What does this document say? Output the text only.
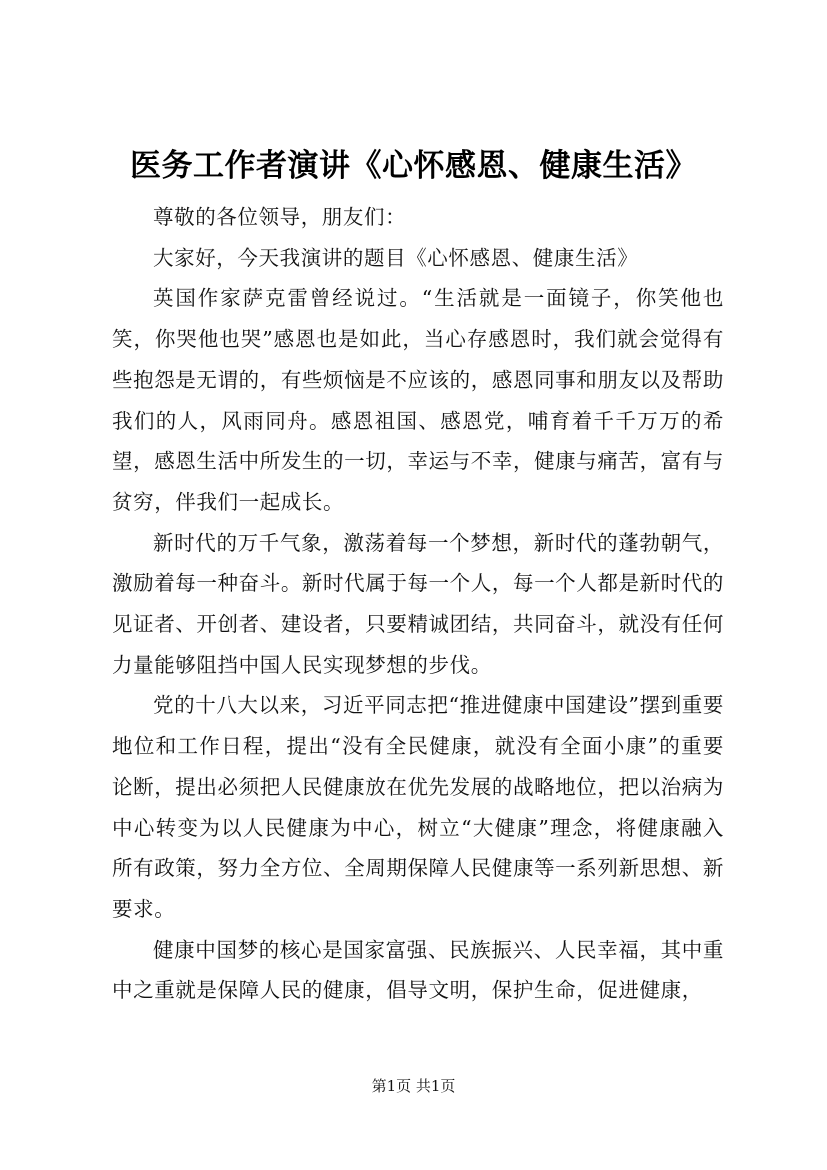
医务工作者演讲《心怀感恩、健康生活》

尊敬的各位领导，朋友们：

大家好，今天我演讲的题目《心怀感恩、健康生活》

英国作家萨克雷曾经说过。“生活就是一面镜子，你笑他也笑，你哭他也哭”感恩也是如此，当心存感恩时，我们就会觉得有些抱怨是无谓的，有些烦恼是不应该的，感恩同事和朋友以及帮助我们的人，风雨同舟。感恩祖国、感恩党，哺育着千千万万的希望，感恩生活中所发生的一切，幸运与不幸，健康与痛苦，富有与贫穷，伴我们一起成长。

新时代的万千气象，激荡着每一个梦想，新时代的蓬勃朝气，激励着每一种奋斗。新时代属于每一个人，每一个人都是新时代的见证者、开创者、建设者，只要精诚团结，共同奋斗，就没有任何力量能够阻挡中国人民实现梦想的步伐。

党的十八大以来，习近平同志把“推进健康中国建设”摆到重要地位和工作日程，提出“没有全民健康，就没有全面小康”的重要论断，提出必须把人民健康放在优先发展的战略地位，把以治病为中心转变为以人民健康为中心，树立“大健康”理念，将健康融入所有政策，努力全方位、全周期保障人民健康等一系列新思想、新要求。

健康中国梦的核心是国家富强、民族振兴、人民幸福，其中重中之重就是保障人民的健康，倡导文明，保护生命，促进健康，

第1页 共1页
